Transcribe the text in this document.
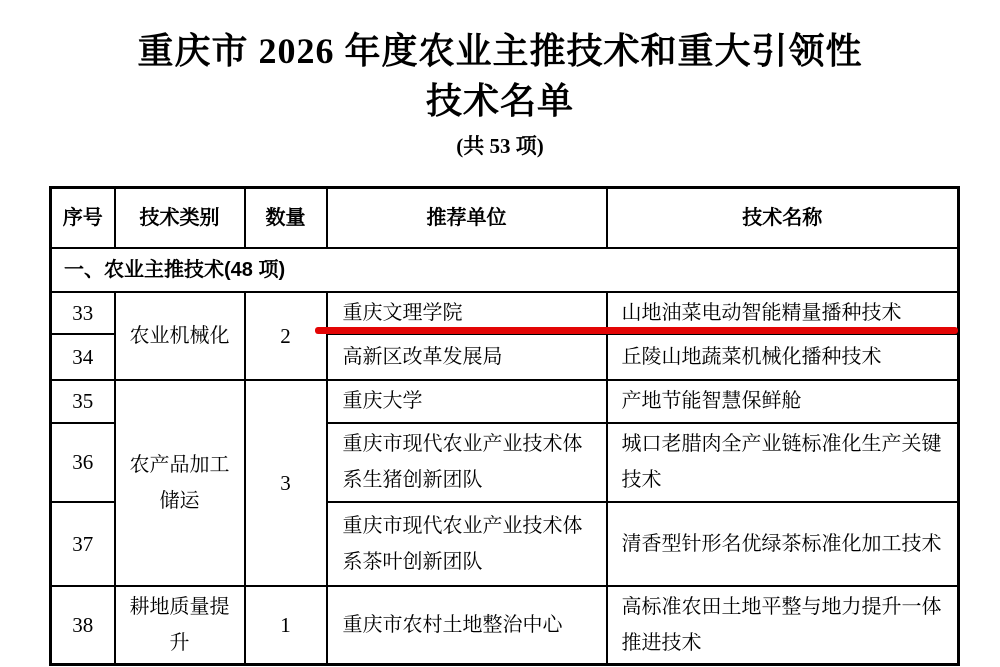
重庆市 2026 年度农业主推技术和重大引领性
技术名单
(共 53 项)
序号	技术类别	数量	推荐单位	技术名称
一、农业主推技术(48 项)				
33	农业机械化	2	重庆文理学院	山地油菜电动智能精量播种技术
34			高新区改革发展局	丘陵山地蔬菜机械化播种技术
35	农产品加工储运	3	重庆大学	产地节能智慧保鲜舱
36			重庆市现代农业产业技术体系生猪创新团队	城口老腊肉全产业链标准化生产关键技术
37			重庆市现代农业产业技术体系茶叶创新团队	清香型针形名优绿茶标准化加工技术
38	耕地质量提升	1	重庆市农村土地整治中心	高标准农田土地平整与地力提升一体推进技术
